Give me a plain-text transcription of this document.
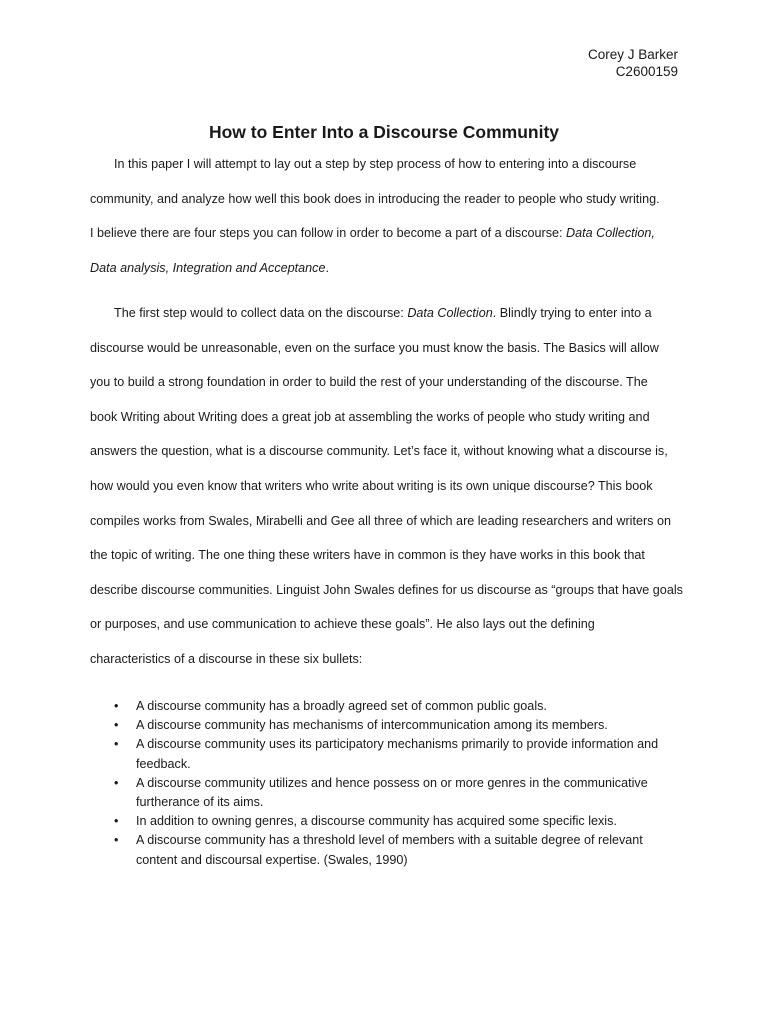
Corey J Barker
C2600159
How to Enter Into a Discourse Community
In this paper I will attempt to lay out a step by step process of how to entering into a discourse
community, and analyze how well this book does in introducing the reader to people who study writing.
I believe there are four steps you can follow in order to become a part of a discourse: Data Collection,
Data analysis, Integration and Acceptance.
The first step would to collect data on the discourse: Data Collection. Blindly trying to enter into a
discourse would be unreasonable, even on the surface you must know the basis. The Basics will allow
you to build a strong foundation in order to build the rest of your understanding of the discourse. The
book Writing about Writing does a great job at assembling the works of people who study writing and
answers the question, what is a discourse community. Let’s face it, without knowing what a discourse is,
how would you even know that writers who write about writing is its own unique discourse? This book
compiles works from Swales, Mirabelli and Gee all three of which are leading researchers and writers on
the topic of writing. The one thing these writers have in common is they have works in this book that
describe discourse communities. Linguist John Swales defines for us discourse as “groups that have goals
or purposes, and use communication to achieve these goals”. He also lays out the defining
characteristics of a discourse in these six bullets:
• A discourse community has a broadly agreed set of common public goals.
• A discourse community has mechanisms of intercommunication among its members.
• A discourse community uses its participatory mechanisms primarily to provide information and
feedback.
• A discourse community utilizes and hence possess on or more genres in the communicative
furtherance of its aims.
• In addition to owning genres, a discourse community has acquired some specific lexis.
• A discourse community has a threshold level of members with a suitable degree of relevant
content and discoursal expertise. (Swales, 1990)
